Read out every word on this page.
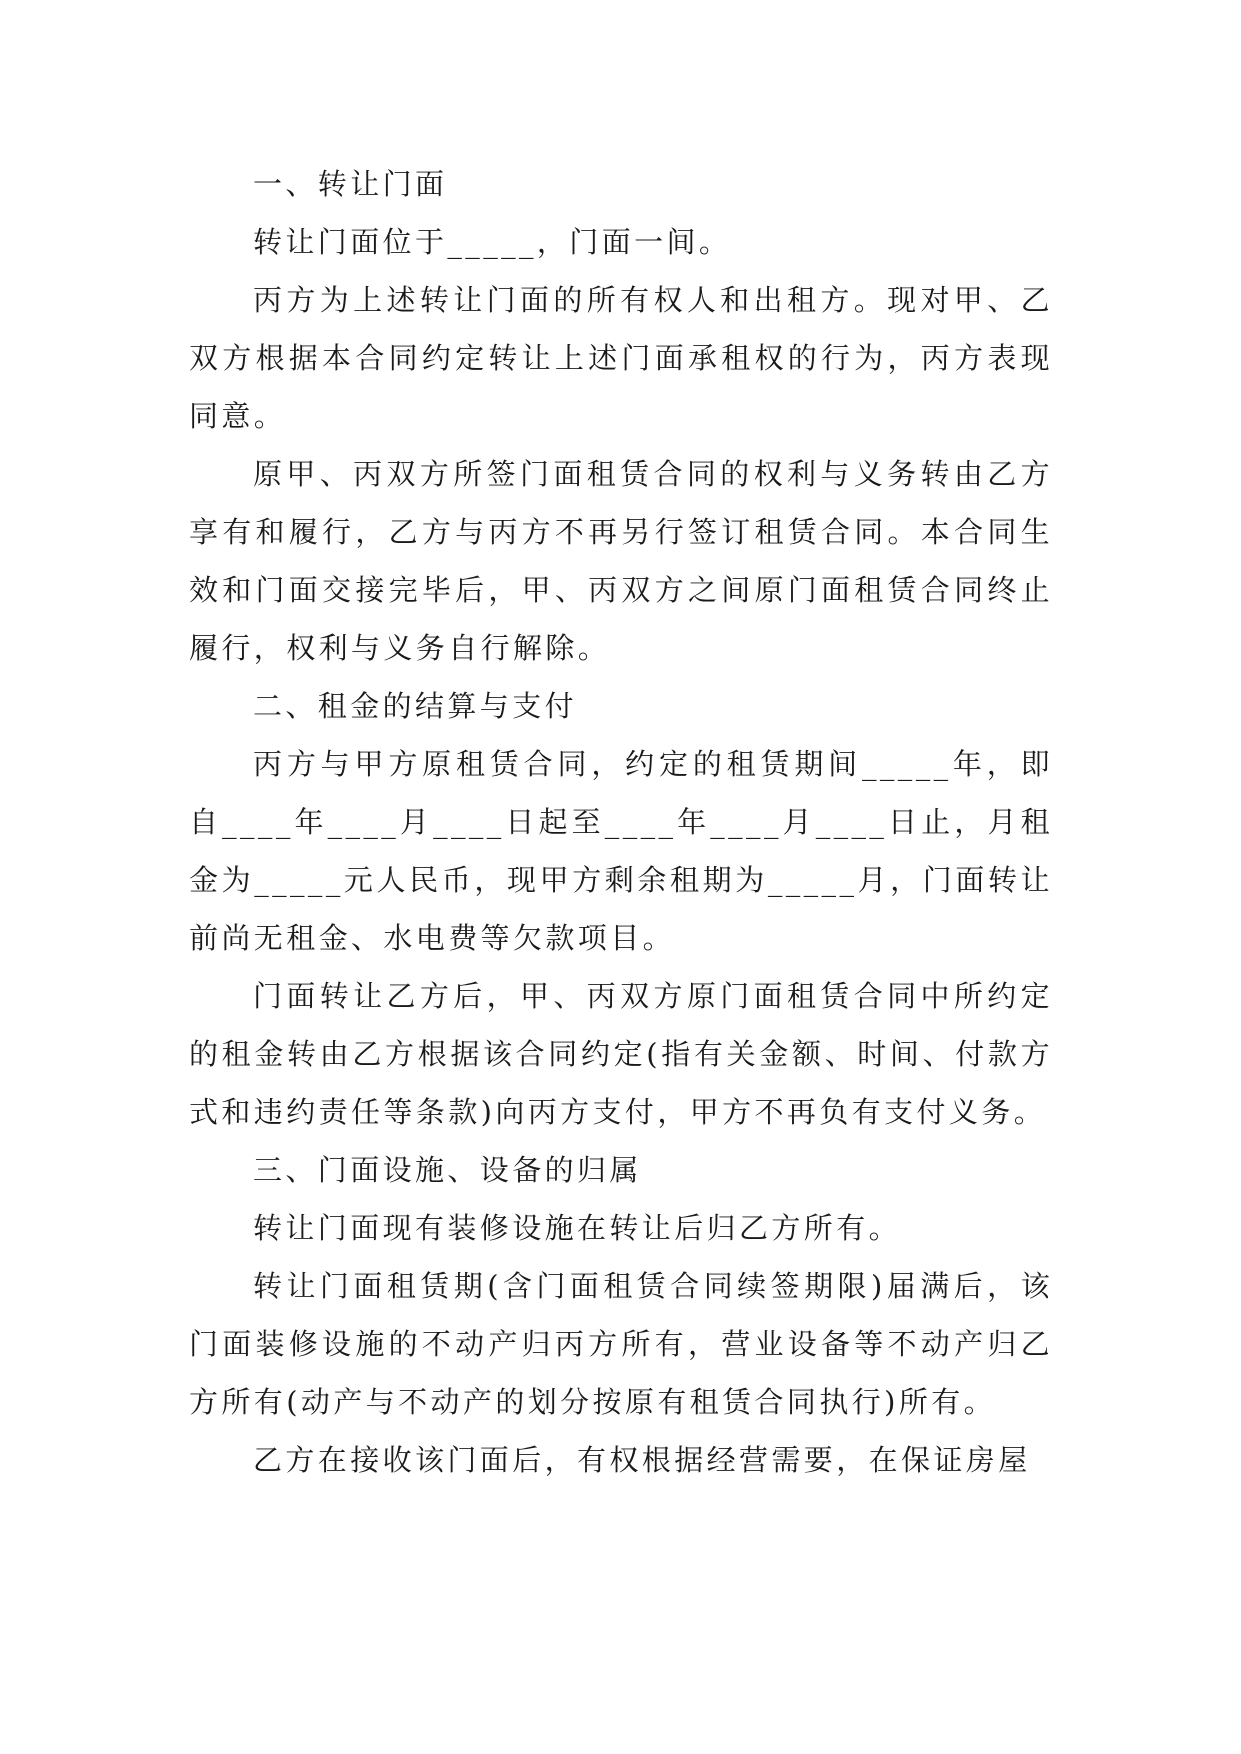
一、转让门面

转让门面位于_____，门面一间。

丙方为上述转让门面的所有权人和出租方。现对甲、乙双方根据本合同约定转让上述门面承租权的行为，丙方表现同意。

原甲、丙双方所签门面租赁合同的权利与义务转由乙方享有和履行，乙方与丙方不再另行签订租赁合同。本合同生效和门面交接完毕后，甲、丙双方之间原门面租赁合同终止履行，权利与义务自行解除。

二、租金的结算与支付

丙方与甲方原租赁合同，约定的租赁期间_____年，即自____年____月____日起至____年____月____日止，月租金为_____元人民币，现甲方剩余租期为_____月，门面转让前尚无租金、水电费等欠款项目。

门面转让乙方后，甲、丙双方原门面租赁合同中所约定的租金转由乙方根据该合同约定(指有关金额、时间、付款方式和违约责任等条款)向丙方支付，甲方不再负有支付义务。

三、门面设施、设备的归属

转让门面现有装修设施在转让后归乙方所有。

转让门面租赁期(含门面租赁合同续签期限)届满后，该门面装修设施的不动产归丙方所有，营业设备等不动产归乙方所有(动产与不动产的划分按原有租赁合同执行)所有。

乙方在接收该门面后，有权根据经营需要，在保证房屋
